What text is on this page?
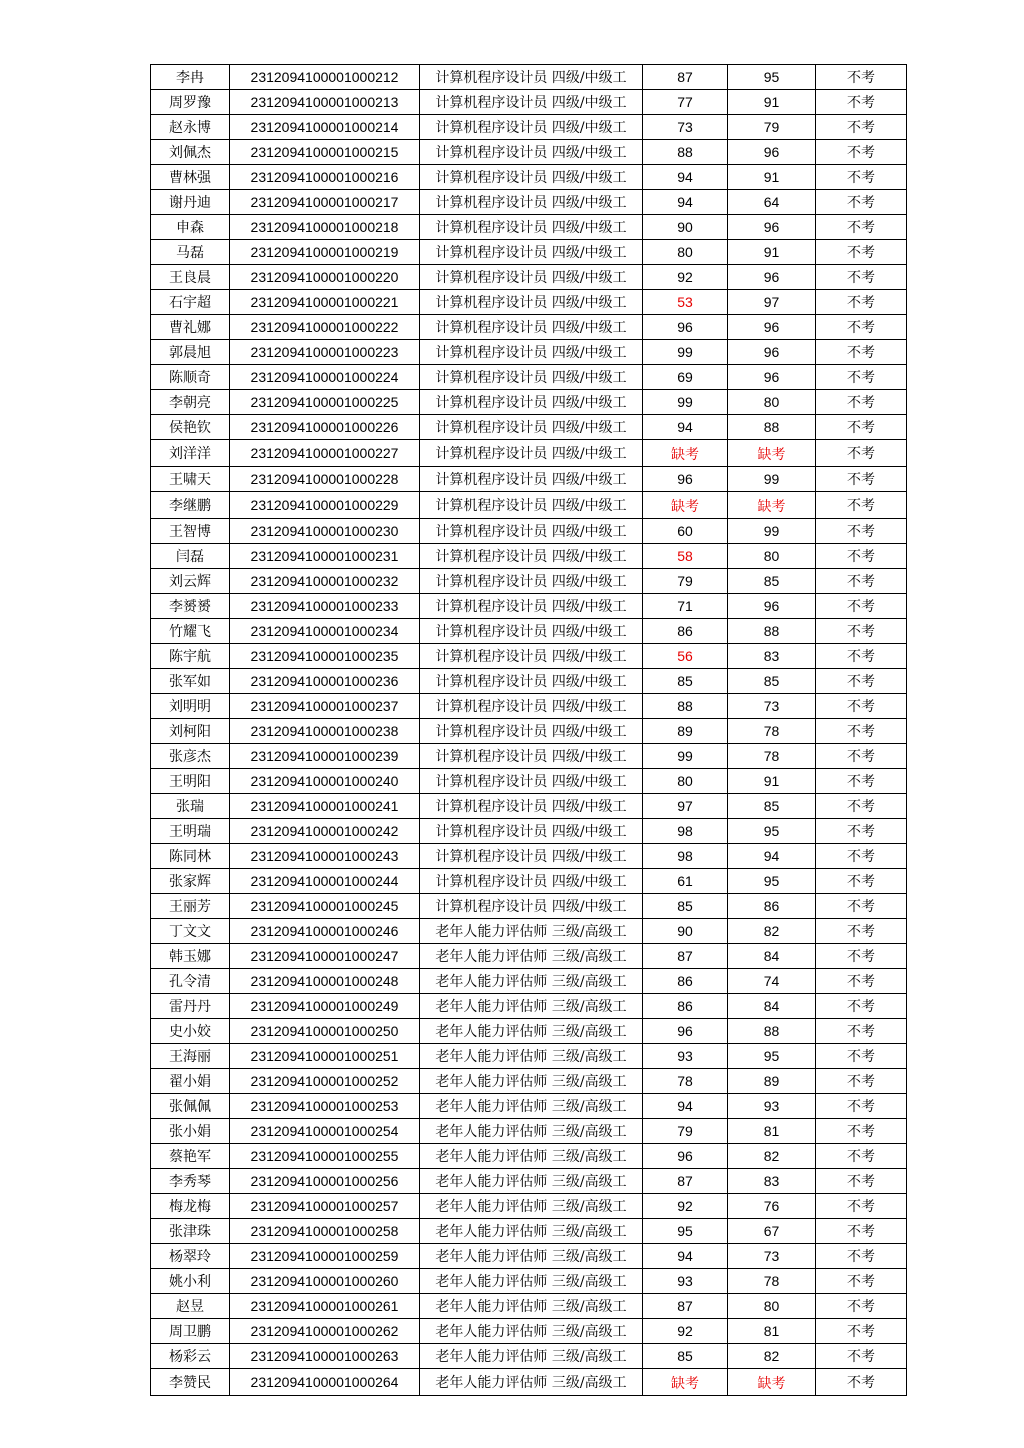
李冉	2312094100001000212	计算机程序设计员 四级/中级工	87	95	不考
周罗豫	2312094100001000213	计算机程序设计员 四级/中级工	77	91	不考
赵永博	2312094100001000214	计算机程序设计员 四级/中级工	73	79	不考
刘佩杰	2312094100001000215	计算机程序设计员 四级/中级工	88	96	不考
曹林强	2312094100001000216	计算机程序设计员 四级/中级工	94	91	不考
谢丹迪	2312094100001000217	计算机程序设计员 四级/中级工	94	64	不考
申森	2312094100001000218	计算机程序设计员 四级/中级工	90	96	不考
马磊	2312094100001000219	计算机程序设计员 四级/中级工	80	91	不考
王良晨	2312094100001000220	计算机程序设计员 四级/中级工	92	96	不考
石宇超	2312094100001000221	计算机程序设计员 四级/中级工	53	97	不考
曹礼娜	2312094100001000222	计算机程序设计员 四级/中级工	96	96	不考
郭晨旭	2312094100001000223	计算机程序设计员 四级/中级工	99	96	不考
陈顺奇	2312094100001000224	计算机程序设计员 四级/中级工	69	96	不考
李朝亮	2312094100001000225	计算机程序设计员 四级/中级工	99	80	不考
侯艳钦	2312094100001000226	计算机程序设计员 四级/中级工	94	88	不考
刘洋洋	2312094100001000227	计算机程序设计员 四级/中级工	缺考	缺考	不考
王啸天	2312094100001000228	计算机程序设计员 四级/中级工	96	99	不考
李继鹏	2312094100001000229	计算机程序设计员 四级/中级工	缺考	缺考	不考
王智博	2312094100001000230	计算机程序设计员 四级/中级工	60	99	不考
闫磊	2312094100001000231	计算机程序设计员 四级/中级工	58	80	不考
刘云辉	2312094100001000232	计算机程序设计员 四级/中级工	79	85	不考
李赟赟	2312094100001000233	计算机程序设计员 四级/中级工	71	96	不考
竹耀飞	2312094100001000234	计算机程序设计员 四级/中级工	86	88	不考
陈宇航	2312094100001000235	计算机程序设计员 四级/中级工	56	83	不考
张军如	2312094100001000236	计算机程序设计员 四级/中级工	85	85	不考
刘明明	2312094100001000237	计算机程序设计员 四级/中级工	88	73	不考
刘柯阳	2312094100001000238	计算机程序设计员 四级/中级工	89	78	不考
张彦杰	2312094100001000239	计算机程序设计员 四级/中级工	99	78	不考
王明阳	2312094100001000240	计算机程序设计员 四级/中级工	80	91	不考
张瑞	2312094100001000241	计算机程序设计员 四级/中级工	97	85	不考
王明瑞	2312094100001000242	计算机程序设计员 四级/中级工	98	95	不考
陈同林	2312094100001000243	计算机程序设计员 四级/中级工	98	94	不考
张家辉	2312094100001000244	计算机程序设计员 四级/中级工	61	95	不考
王丽芳	2312094100001000245	计算机程序设计员 四级/中级工	85	86	不考
丁文文	2312094100001000246	老年人能力评估师 三级/高级工	90	82	不考
韩玉娜	2312094100001000247	老年人能力评估师 三级/高级工	87	84	不考
孔令清	2312094100001000248	老年人能力评估师 三级/高级工	86	74	不考
雷丹丹	2312094100001000249	老年人能力评估师 三级/高级工	86	84	不考
史小姣	2312094100001000250	老年人能力评估师 三级/高级工	96	88	不考
王海丽	2312094100001000251	老年人能力评估师 三级/高级工	93	95	不考
翟小娟	2312094100001000252	老年人能力评估师 三级/高级工	78	89	不考
张佩佩	2312094100001000253	老年人能力评估师 三级/高级工	94	93	不考
张小娟	2312094100001000254	老年人能力评估师 三级/高级工	79	81	不考
蔡艳军	2312094100001000255	老年人能力评估师 三级/高级工	96	82	不考
李秀琴	2312094100001000256	老年人能力评估师 三级/高级工	87	83	不考
梅龙梅	2312094100001000257	老年人能力评估师 三级/高级工	92	76	不考
张津珠	2312094100001000258	老年人能力评估师 三级/高级工	95	67	不考
杨翠玲	2312094100001000259	老年人能力评估师 三级/高级工	94	73	不考
姚小利	2312094100001000260	老年人能力评估师 三级/高级工	93	78	不考
赵昱	2312094100001000261	老年人能力评估师 三级/高级工	87	80	不考
周卫鹏	2312094100001000262	老年人能力评估师 三级/高级工	92	81	不考
杨彩云	2312094100001000263	老年人能力评估师 三级/高级工	85	82	不考
李赞民	2312094100001000264	老年人能力评估师 三级/高级工	缺考	缺考	不考
